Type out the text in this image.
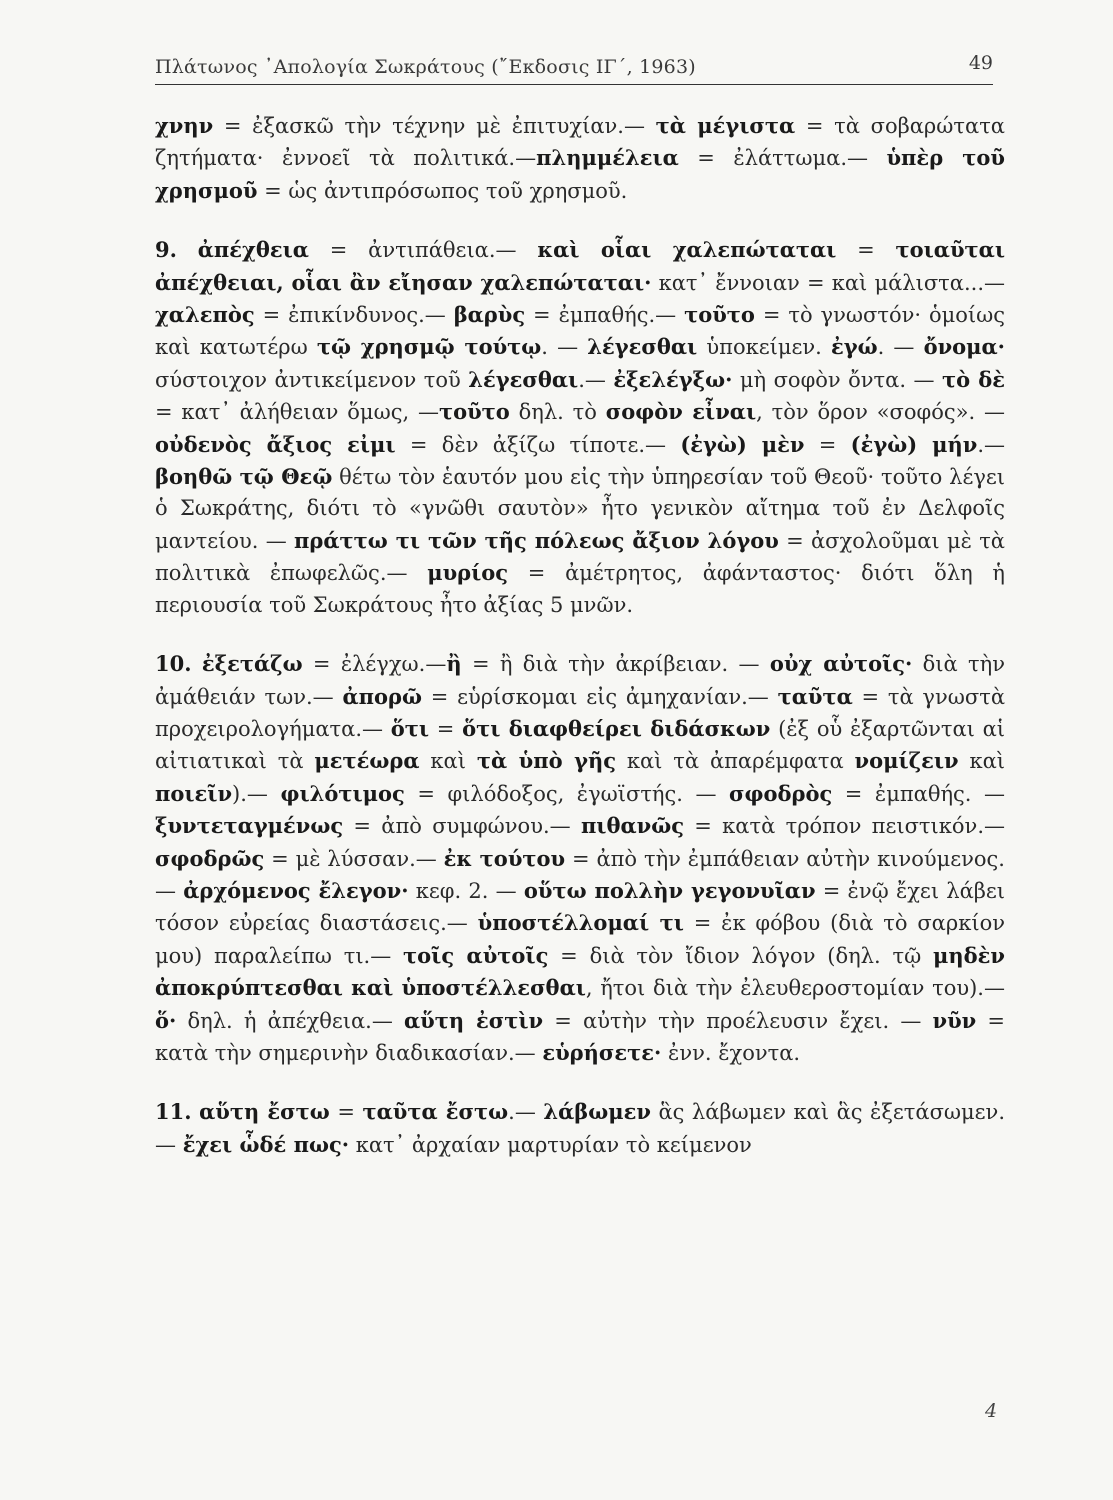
Πλάτωνος ᾿Απολογία Σωκράτους (῎Εκδοσις ΙΓ΄, 1963)	49

χνην = ἐξασκῶ τὴν τέχνην μὲ ἐπιτυχίαν.— τὰ μέγιστα = τὰ σοβαρώτατα ζητήματα· ἐννοεῖ τὰ πολιτικά.—πλημμέλεια = ἐλάττωμα.— ὑπὲρ τοῦ χρησμοῦ = ὡς ἀντιπρόσωπος τοῦ χρησμοῦ.

9. ἀπέχθεια = ἀντιπάθεια.— καὶ οἷαι χαλεπώταται = τοιαῦται ἀπέχθειαι, οἷαι ἂν εἴησαν χαλεπώταται· κατ᾿ ἔννοιαν = καὶ μάλιστα...— χαλεπὸς = ἐπικίνδυνος.— βαρὺς = ἐμπαθής.— τοῦτο = τὸ γνωστόν· ὁμοίως καὶ κατωτέρω τῷ χρησμῷ τούτῳ. — λέγεσθαι ὑποκείμεν. ἐγώ. — ὄνομα· σύστοιχον ἀντικείμενον τοῦ λέγεσθαι.— ἐξελέγξω· μὴ σοφὸν ὄντα. — τὸ δὲ = κατ᾿ ἀλήθειαν ὅμως, —τοῦτο δηλ. τὸ σοφὸν εἶναι, τὸν ὅρον «σοφός». — οὐδενὸς ἄξιος εἰμι = δὲν ἀξίζω τίποτε.— (ἐγὼ) μὲν = (ἐγὼ) μήν.— βοηθῶ τῷ Θεῷ θέτω τὸν ἑαυτόν μου εἰς τὴν ὑπηρεσίαν τοῦ Θεοῦ· τοῦτο λέγει ὁ Σωκράτης, διότι τὸ «γνῶθι σαυτὸν» ἦτο γενικὸν αἴτημα τοῦ ἐν Δελφοῖς μαντείου. — πράττω τι τῶν τῆς πόλεως ἄξιον λόγου = ἀσχολοῦμαι μὲ τὰ πολιτικὰ ἐπωφελῶς.— μυρίος = ἀμέτρητος, ἀφάνταστος· διότι ὅλη ἡ περιουσία τοῦ Σωκράτους ἦτο ἀξίας 5 μνῶν.

10. ἐξετάζω = ἐλέγχω.—ἢ = ἢ διὰ τὴν ἀκρίβειαν. — οὐχ αὐτοῖς· διὰ τὴν ἀμάθειάν των.— ἀπορῶ = εὑρίσκομαι εἰς ἀμηχανίαν.— ταῦτα = τὰ γνωστὰ προχειρολογήματα.— ὅτι = ὅτι διαφθείρει διδάσκων (ἐξ οὗ ἐξαρτῶνται αἱ αἰτιατικαὶ τὰ μετέωρα καὶ τὰ ὑπὸ γῆς καὶ τὰ ἀπαρέμφατα νομίζειν καὶ ποιεῖν).— φιλότιμος = φιλόδοξος, ἐγωϊστής. — σφοδρὸς = ἐμπαθής. — ξυντεταγμένως = ἀπὸ συμφώνου.— πιθανῶς = κατὰ τρόπον πειστικόν.— σφοδρῶς = μὲ λύσσαν.— ἐκ τούτου = ἀπὸ τὴν ἐμπάθειαν αὐτὴν κινούμενος.— ἀρχόμενος ἔλεγον· κεφ. 2. — οὕτω πολλὴν γεγονυῖαν = ἐνῷ ἔχει λάβει τόσον εὐρείας διαστάσεις.— ὑποστέλλομαί τι = ἐκ φόβου (διὰ τὸ σαρκίον μου) παραλείπω τι.— τοῖς αὐτοῖς = διὰ τὸν ἴδιον λόγον (δηλ. τῷ μηδὲν ἀποκρύπτεσθαι καὶ ὑποστέλλεσθαι, ἤτοι διὰ τὴν ἐλευθεροστομίαν του).— ὅ· δηλ. ἡ ἀπέχθεια.— αὕτη ἐστὶν = αὐτὴν τὴν προέλευσιν ἔχει. — νῦν = κατὰ τὴν σημερινὴν διαδικασίαν.— εὑρήσετε· ἐνν. ἔχοντα.

11. αὕτη ἔστω = ταῦτα ἔστω.— λάβωμεν ἃς λάβωμεν καὶ ἃς ἐξετάσωμεν.— ἔχει ὧδέ πως· κατ᾿ ἀρχαίαν μαρτυρίαν τὸ κείμενον

4
